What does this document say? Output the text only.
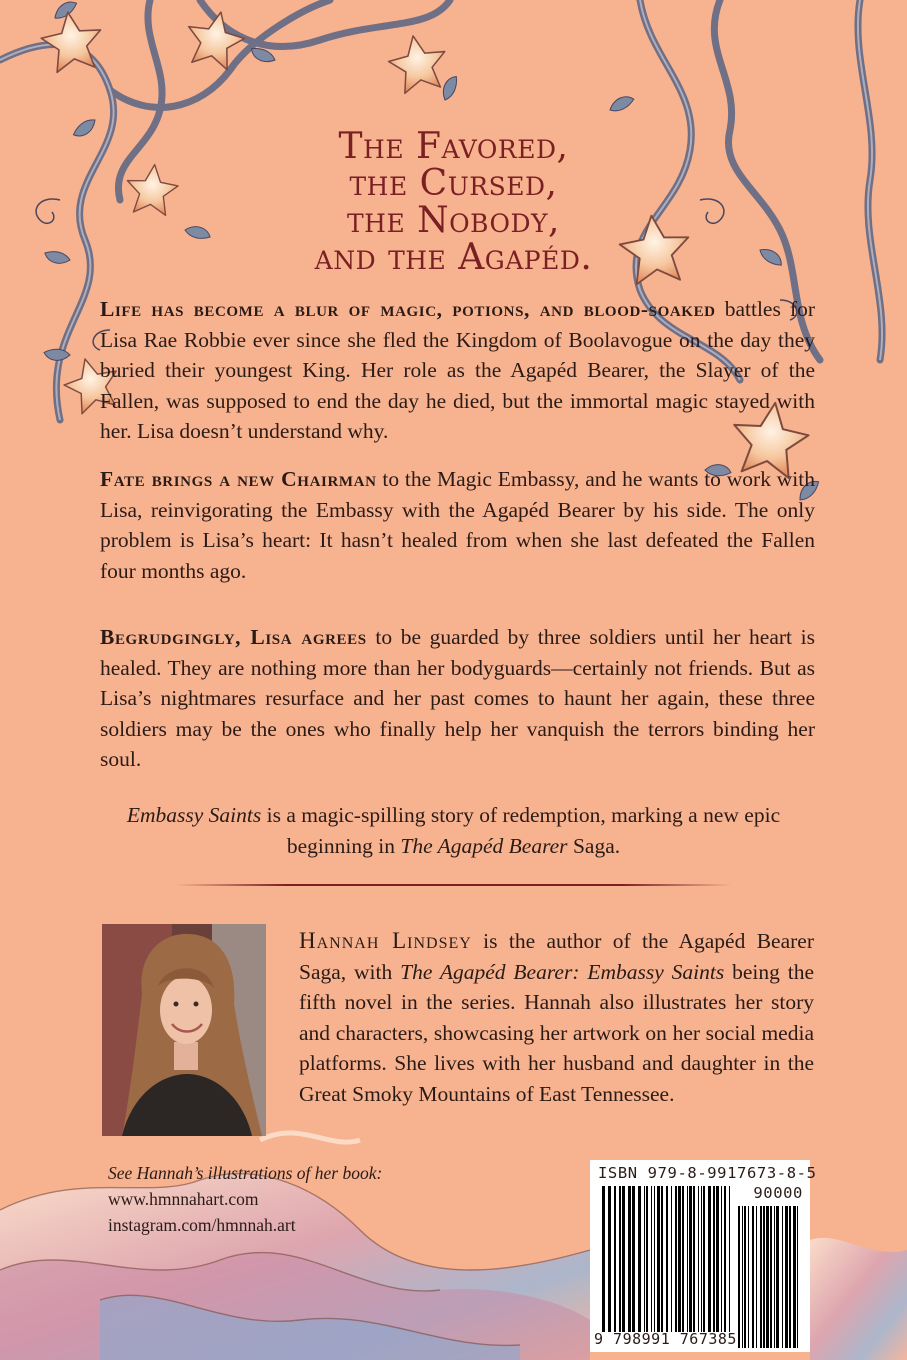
The Favored,
the Cursed,
the Nobody,
and the Agapéd.

Life has become a blur of magic, potions, and blood-soaked battles for Lisa Rae Robbie ever since she fled the Kingdom of Boolavogue on the day they buried their youngest King. Her role as the Agapéd Bearer, the Slayer of the Fallen, was supposed to end the day he died, but the immortal magic stayed with her. Lisa doesn’t understand why.

Fate brings a new Chairman to the Magic Embassy, and he wants to work with Lisa, reinvigorating the Embassy with the Agapéd Bearer by his side. The only problem is Lisa’s heart: It hasn’t healed from when she last defeated the Fallen four months ago.

Begrudgingly, Lisa agrees to be guarded by three soldiers until her heart is healed. They are nothing more than her bodyguards—certainly not friends. But as Lisa’s nightmares resurface and her past comes to haunt her again, these three soldiers may be the ones who finally help her vanquish the terrors binding her soul.

Embassy Saints is a magic-spilling story of redemption, marking a new epic beginning in The Agapéd Bearer Saga.

Hannah Lindsey is the author of the Agapéd Bearer Saga, with The Agapéd Bearer: Embassy Saints being the fifth novel in the series. Hannah also illustrates her story and characters, showcasing her artwork on her social media platforms. She lives with her husband and daughter in the Great Smoky Mountains of East Tennessee.

See Hannah’s illustrations of her book:
www.hmnnahart.com
instagram.com/hmnnah.art
ISBN 979-8-9917673-8-5
90000
9 798991 767385
